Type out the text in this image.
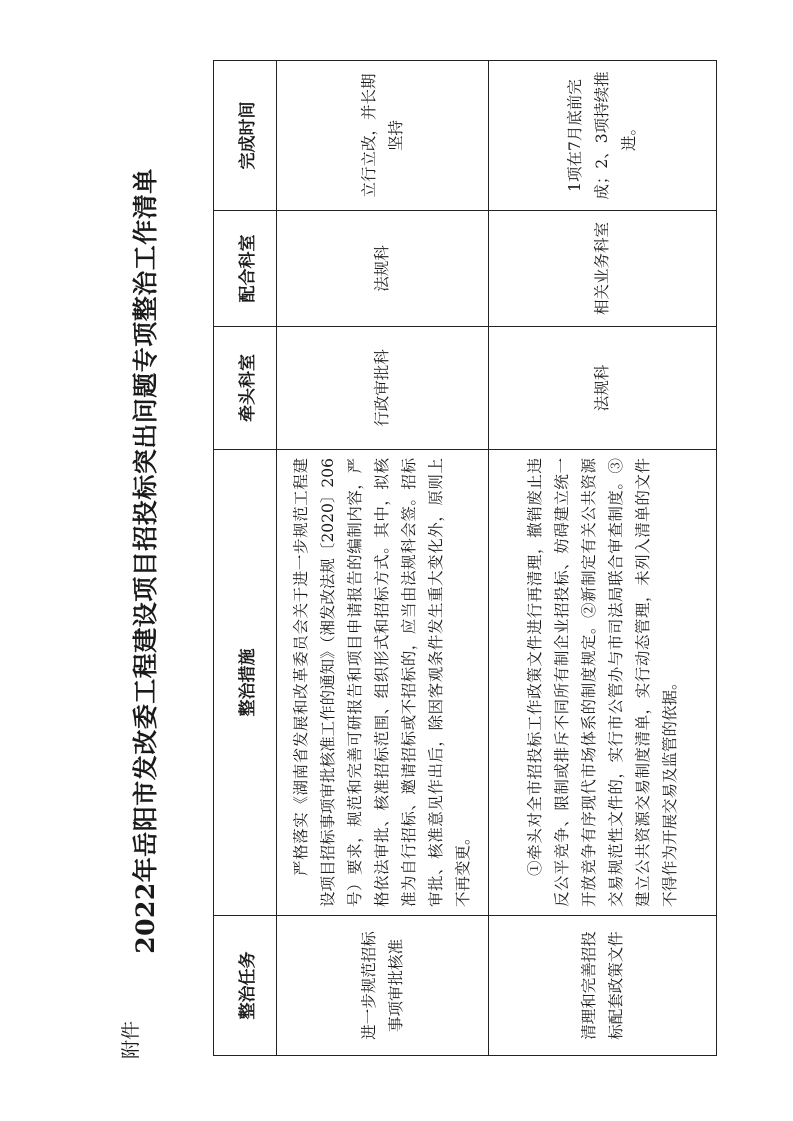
附件

2022年岳阳市发改委工程建设项目招投标突出问题专项整治工作清单
整治任务	整治措施	牵头科室	配合科室	完成时间
进一步规范招标事项审批核准	严格落实《湖南省发展和改革委员会关于进一步规范工程建设项目招标事项审批核准工作的通知》（湘发改法规〔2020〕206号）要求，规范和完善可研报告和项目申请报告的编制内容，严格依法审批、核准招标范围、组织形式和招标方式。其中，拟核准为自行招标、邀请招标或不招标的，应当由法规科会签。招标审批、核准意见作出后，除因客观条件发生重大变化外，原则上不再变更。	行政审批科	法规科	立行立改，并长期坚持
清理和完善招投标配套政策文件	①牵头对全市招投标工作政策文件进行再清理，撤销废止违反公平竞争、限制或排斥不同所有制企业招投标、妨碍建立统一开放竞争有序现代市场体系的制度规定。②新制定有关公共资源交易规范性文件的，实行市公管办与市司法局联合审查制度。③建立公共资源交易制度清单，实行动态管理，未列入清单的文件不得作为开展交易及监管的依据。	法规科	相关业务科室	1项在7月底前完成；2、3项持续推进。
